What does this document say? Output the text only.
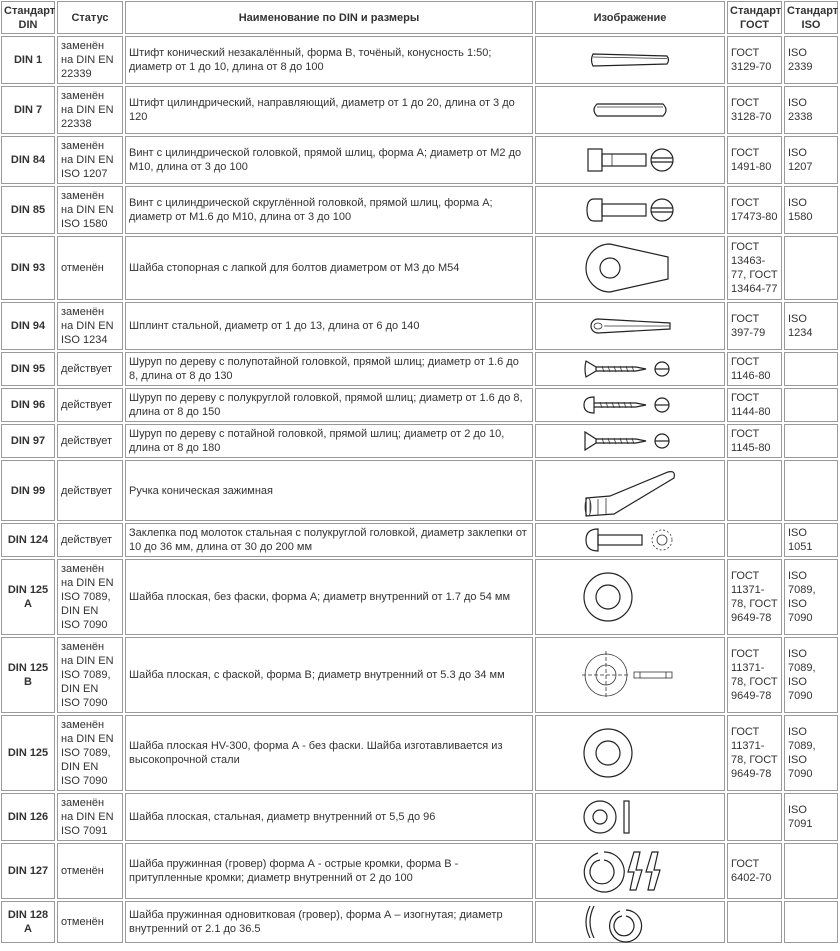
Стандарт DIN	Статус	Наименование по DIN и размеры	Изображение	Стандарт ГОСТ	Стандарт ISO
DIN 1	заменён на DIN EN 22339	Штифт конический незакалённый, форма B, точёный, конусность 1:50; диаметр от 1 до 10, длина от 8 до 100		ГОСТ 3129-70	ISO 2339
DIN 7	заменён на DIN EN 22338	Штифт цилиндрический, направляющий, диаметр от 1 до 20, длина от 3 до 120		ГОСТ 3128-70	ISO 2338
DIN 84	заменён на DIN EN ISO 1207	Винт с цилиндрической головкой, прямой шлиц, форма А; диаметр от М2 до М10, длина от 3 до 100		ГОСТ 1491-80	ISO 1207
DIN 85	заменён на DIN EN ISO 1580	Винт с цилиндрической скруглённой головкой, прямой шлиц, форма А; диаметр от М1.6 до М10, длина от 3 до 100		ГОСТ 17473-80	ISO 1580
DIN 93	отменён	Шайба стопорная с лапкой для болтов диаметром от М3 до М54		ГОСТ 13463-77, ГОСТ 13464-77	
DIN 94	заменён на DIN EN ISO 1234	Шплинт стальной, диаметр от 1 до 13, длина от 6 до 140		ГОСТ 397-79	ISO 1234
DIN 95	действует	Шуруп по дереву с полупотайной головкой, прямой шлиц; диаметр от 1.6 до 8, длина от 8 до 130		ГОСТ 1146-80	
DIN 96	действует	Шуруп по дереву с полукруглой головкой, прямой шлиц; диаметр от 1.6 до 8, длина от 8 до 150		ГОСТ 1144-80	
DIN 97	действует	Шуруп по дереву с потайной головкой, прямой шлиц; диаметр от 2 до 10, длина от 8 до 180		ГОСТ 1145-80	
DIN 99	действует	Ручка коническая зажимная	

DIN 124	действует	Заклепка под молоток стальная с полукруглой головкой, диаметр заклепки от 10 до 36 мм, длина от 30 до 200 мм			ISO 1051
DIN 125 A	заменён на DIN EN ISO 7089, DIN EN ISO 7090	Шайба плоская, без фаски, форма А; диаметр внутренний от 1.7 до 54 мм		ГОСТ 11371-78, ГОСТ 9649-78	ISO 7089, ISO 7090
DIN 125 B	заменён на DIN EN ISO 7089, DIN EN ISO 7090	Шайба плоская, с фаской, форма B; диаметр внутренний от 5.3 до 34 мм		ГОСТ 11371-78, ГОСТ 9649-78	ISO 7089, ISO 7090
DIN 125	заменён на DIN EN ISO 7089, DIN EN ISO 7090	Шайба плоская HV-300, форма А - без фаски. Шайба изготавливается из высокопрочной стали		ГОСТ 11371-78, ГОСТ 9649-78	ISO 7089, ISO 7090
DIN 126	заменён на DIN EN ISO 7091	Шайба плоская, стальная, диаметр внутренний от 5,5 до 96			ISO 7091
DIN 127	отменён	Шайба пружинная (гровер) форма А - острые кромки, форма B - притупленные кромки; диаметр внутренний от 2 до 100		ГОСТ 6402-70	
DIN 128 A	отменён	Шайба пружинная одновитковая (гровер), форма А – изогнутая; диаметр внутренний от 2.1 до 36.5	
